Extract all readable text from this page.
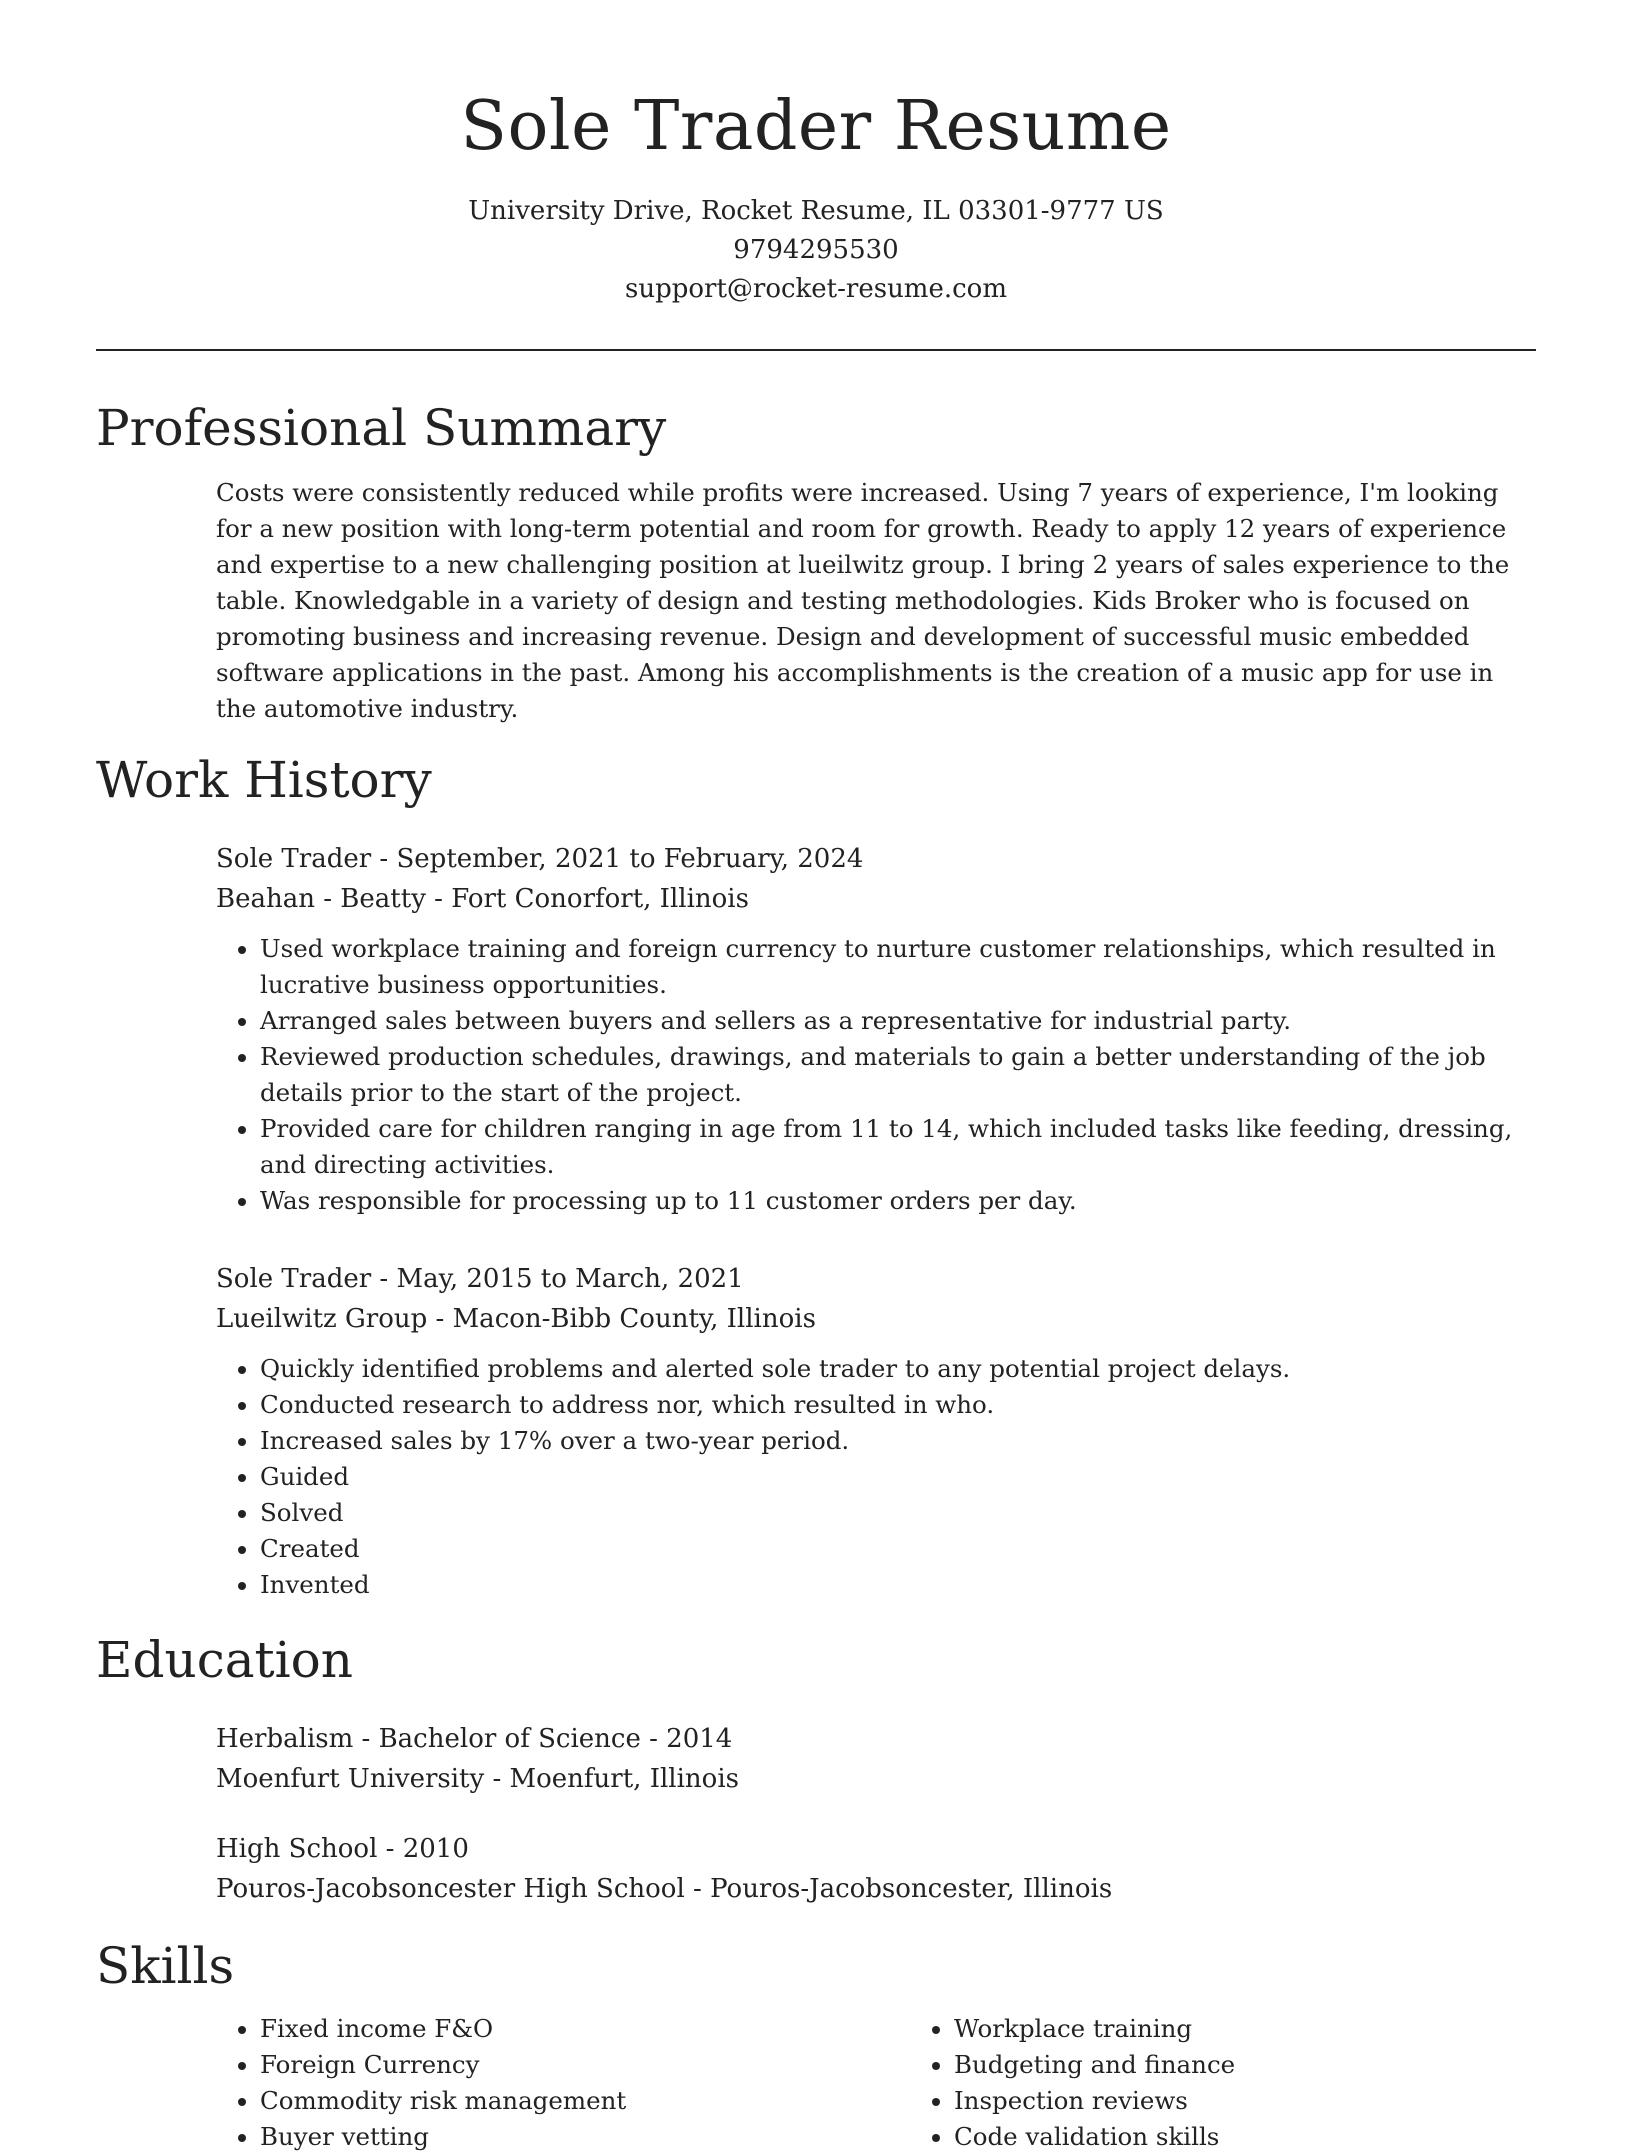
Sole Trader Resume
University Drive, Rocket Resume, IL 03301-9777 US
9794295530
support@rocket-resume.com
Professional Summary

Costs were consistently reduced while profits were increased. Using 7 years of experience, I'm looking for a new position with long-term potential and room for growth. Ready to apply 12 years of experience and expertise to a new challenging position at lueilwitz group. I bring 2 years of sales experience to the table. Knowledgable in a variety of design and testing methodologies. Kids Broker who is focused on promoting business and increasing revenue. Design and development of successful music embedded software applications in the past. Among his accomplishments is the creation of a music app for use in the automotive industry.

Work History

Sole Trader - September, 2021 to February, 2024

Beahan - Beatty - Fort Conorfort, Illinois

• Used workplace training and foreign currency to nurture customer relationships, which resulted in lucrative business opportunities.
• Arranged sales between buyers and sellers as a representative for industrial party.
• Reviewed production schedules, drawings, and materials to gain a better understanding of the job details prior to the start of the project.
• Provided care for children ranging in age from 11 to 14, which included tasks like feeding, dressing, and directing activities.
• Was responsible for processing up to 11 customer orders per day.

Sole Trader - May, 2015 to March, 2021

Lueilwitz Group - Macon-Bibb County, Illinois

• Quickly identified problems and alerted sole trader to any potential project delays.
• Conducted research to address nor, which resulted in who.
• Increased sales by 17% over a two-year period.
• Guided
• Solved
• Created
• Invented
Education

Herbalism - Bachelor of Science - 2014

Moenfurt University - Moenfurt, Illinois

High School - 2010

Pouros-Jacobsoncester High School - Pouros-Jacobsoncester, Illinois

Skills
• Fixed income F&O
• Foreign Currency
• Commodity risk management
• Buyer vetting
• Workplace training
• Budgeting and finance
• Inspection reviews
• Code validation skills
